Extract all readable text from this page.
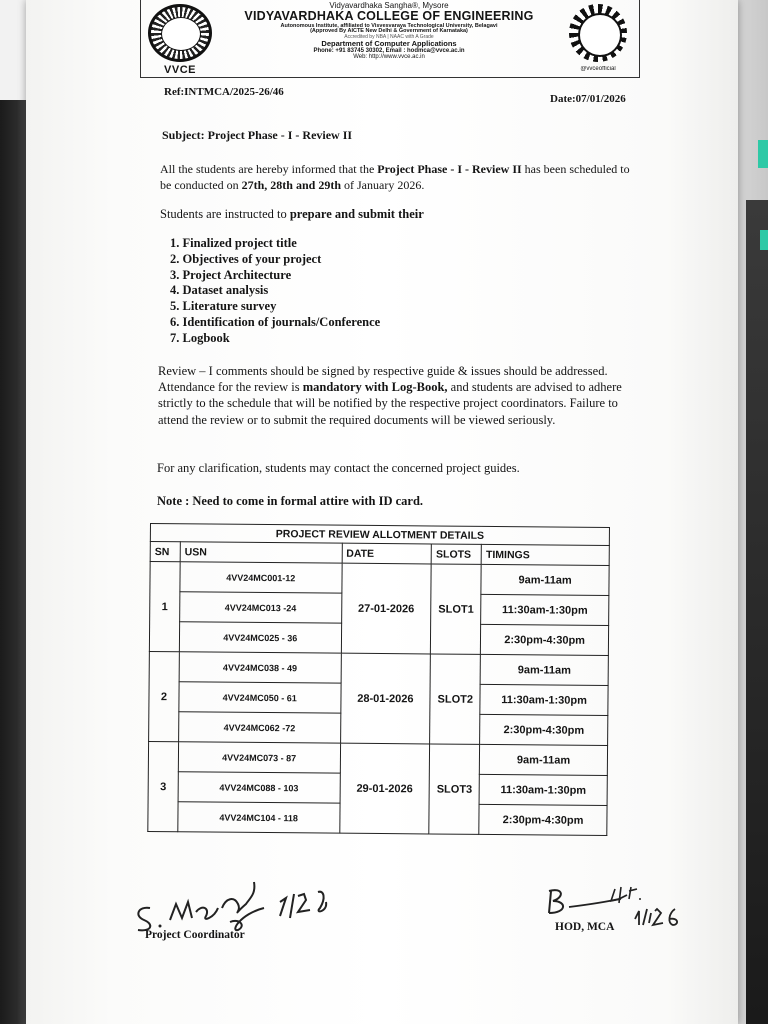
VVCE
Vidyavardhaka Sangha®, Mysore
VIDYAVARDHAKA COLLEGE OF ENGINEERING
Autonomous Institute, affiliated to Visvesvaraya Technological University, Belagavi
(Approved By AICTE New Delhi & Government of Karnataka)
Accredited by NBA | NAAC with A Grade
Department of Computer Applications
Phone: +91 83745 30302, Email : hodmca@vvce.ac.in
Web: http://www.vvce.ac.in
@vvceofficial
Ref:INTMCA/2025-26/46
Date:07/01/2026
Subject: Project Phase - I - Review II
All the students are hereby informed that the Project Phase - I - Review II has been scheduled to be conducted on 27th, 28th and 29th of January 2026.
Students are instructed to prepare and submit their
1. Finalized project title
2. Objectives of your project
3. Project Architecture
4. Dataset analysis
5. Literature survey
6. Identification of journals/Conference
7. Logbook
Review – I comments should be signed by respective guide & issues should be addressed. Attendance for the review is mandatory with Log-Book, and students are advised to adhere strictly to the schedule that will be notified by the respective project coordinators. Failure to attend the review or to submit the required documents will be viewed seriously.
For any clarification, students may contact the concerned project guides.
Note : Need to come in formal attire with ID card.
PROJECT REVIEW ALLOTMENT DETAILS				
SN	USN	DATE	SLOTS	TIMINGS
1	4VV24MC001-12	27-01-2026	SLOT1	9am-11am
	4VV24MC013 -24			11:30am-1:30pm
	4VV24MC025 - 36			2:30pm-4:30pm
2	4VV24MC038 - 49	28-01-2026	SLOT2	9am-11am
	4VV24MC050 - 61			11:30am-1:30pm
	4VV24MC062 -72			2:30pm-4:30pm
3	4VV24MC073 - 87	29-01-2026	SLOT3	9am-11am
	4VV24MC088 - 103			11:30am-1:30pm
	4VV24MC104 - 118			2:30pm-4:30pm
Project Coordinator
HOD, MCA
